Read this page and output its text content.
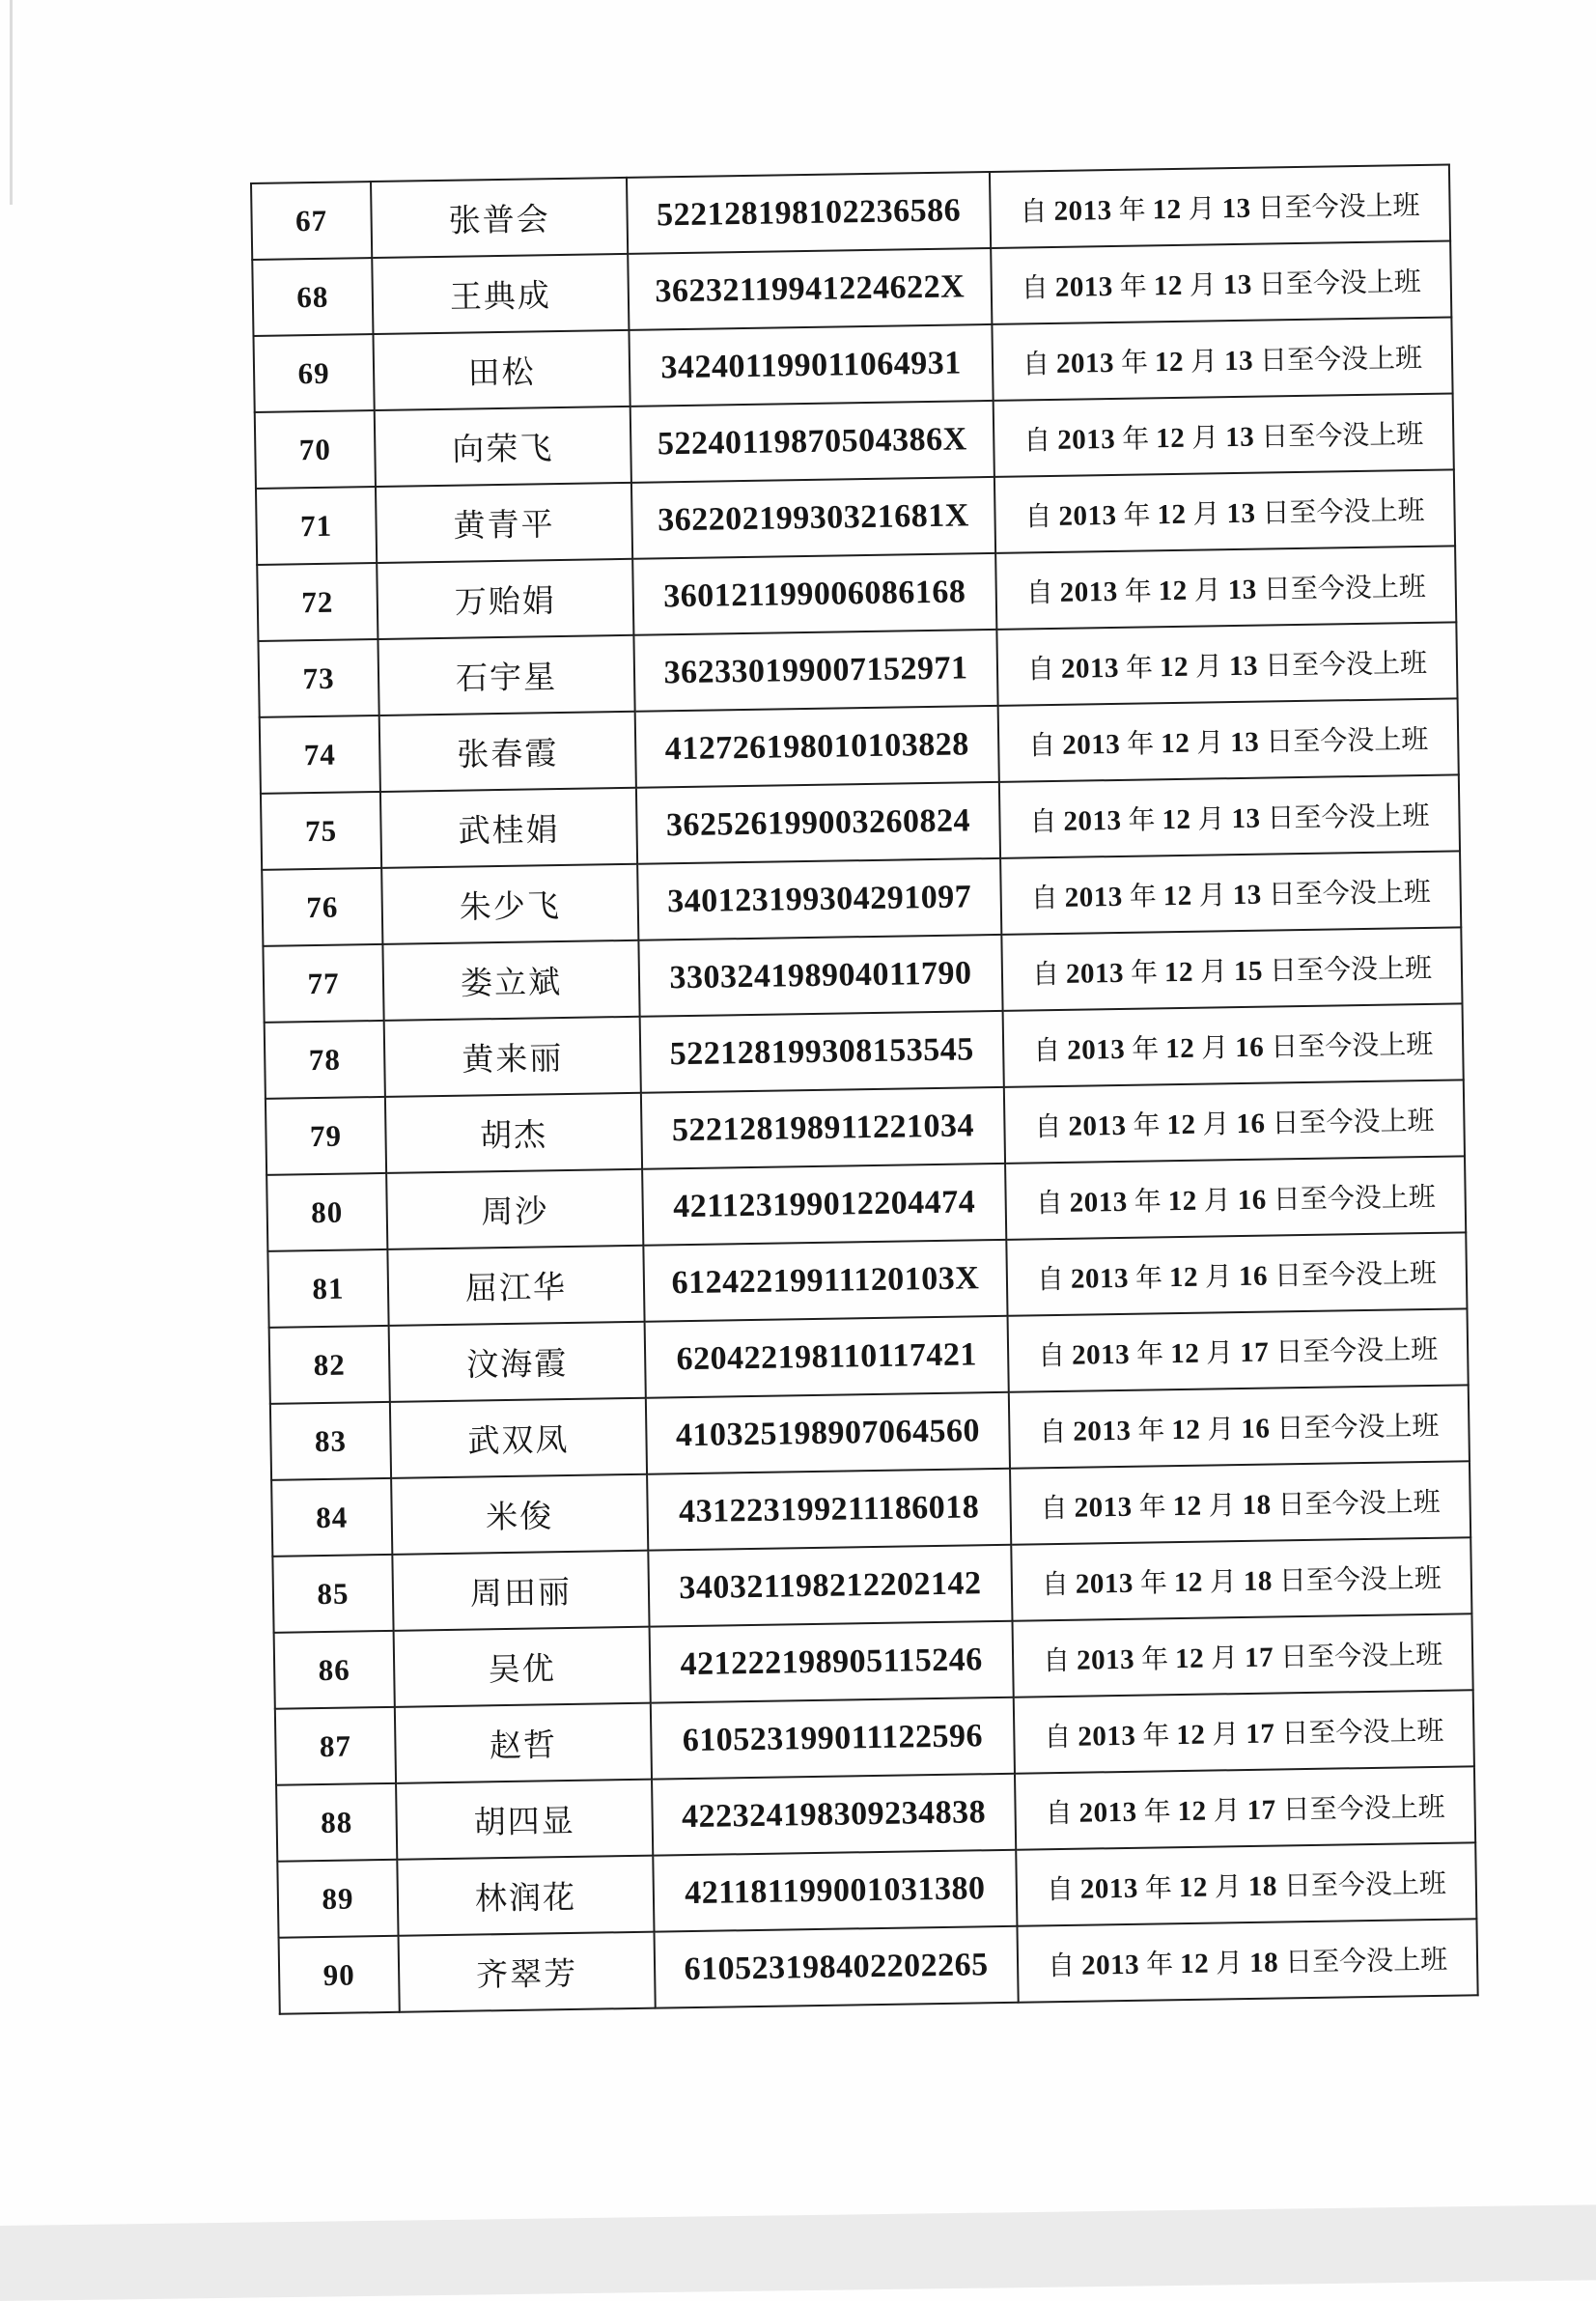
67	张普会	522128198102236586	自 2013 年 12 月 13 日至今没上班
68	王典成	36232119941224622X	自 2013 年 12 月 13 日至今没上班
69	田松	342401199011064931	自 2013 年 12 月 13 日至今没上班
70	向荣飞	52240119870504386X	自 2013 年 12 月 13 日至今没上班
71	黄青平	36220219930321681X	自 2013 年 12 月 13 日至今没上班
72	万贻娟	360121199006086168	自 2013 年 12 月 13 日至今没上班
73	石宇星	362330199007152971	自 2013 年 12 月 13 日至今没上班
74	张春霞	412726198010103828	自 2013 年 12 月 13 日至今没上班
75	武桂娟	362526199003260824	自 2013 年 12 月 13 日至今没上班
76	朱少飞	340123199304291097	自 2013 年 12 月 13 日至今没上班
77	娄立斌	330324198904011790	自 2013 年 12 月 15 日至今没上班
78	黄来丽	522128199308153545	自 2013 年 12 月 16 日至今没上班
79	胡杰	522128198911221034	自 2013 年 12 月 16 日至今没上班
80	周沙	421123199012204474	自 2013 年 12 月 16 日至今没上班
81	屈江华	61242219911120103X	自 2013 年 12 月 16 日至今没上班
82	汶海霞	620422198110117421	自 2013 年 12 月 17 日至今没上班
83	武双凤	410325198907064560	自 2013 年 12 月 16 日至今没上班
84	米俊	431223199211186018	自 2013 年 12 月 18 日至今没上班
85	周田丽	340321198212202142	自 2013 年 12 月 18 日至今没上班
86	吴优	421222198905115246	自 2013 年 12 月 17 日至今没上班
87	赵哲	610523199011122596	自 2013 年 12 月 17 日至今没上班
88	胡四显	422324198309234838	自 2013 年 12 月 17 日至今没上班
89	林润花	421181199001031380	自 2013 年 12 月 18 日至今没上班
90	齐翠芳	610523198402202265	自 2013 年 12 月 18 日至今没上班
